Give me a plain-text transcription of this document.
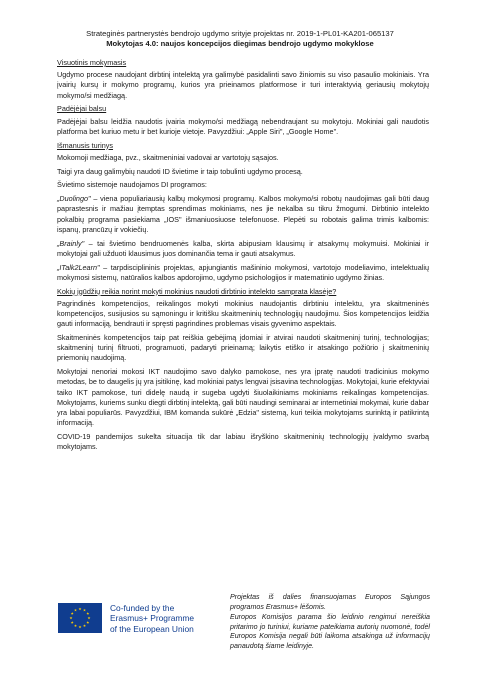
Strateginės partnerystės bendrojo ugdymo srityje projektas nr. 2019-1-PL01-KA201-065137
Mokytojas 4.0: naujos koncepcijos diegimas bendrojo ugdymo mokyklose

Visuotinis mokymasis

Ugdymo procese naudojant dirbtinį intelektą yra galimybė pasidalinti savo žiniomis su viso pasaulio mokiniais. Yra įvairių kursų ir mokymo programų, kurios yra prieinamos platformose ir turi interaktyvią geriausių mokytojų mokymo/si medžiagą.

Padėjėjai balsu

Padėjėjai balsu leidžia naudotis įvairia mokymo/si medžiagą nebendraujant su mokytoju. Mokiniai gali naudotis platforma bet kuriuo metu ir bet kurioje vietoje. Pavyzdžiui: „Apple Siri", „Google Home".

Išmanusis turinys

Mokomoji medžiaga, pvz., skaitmeniniai vadovai ar vartotojų sąsajos.

Taigi yra daug galimybių naudoti ID švietime ir taip tobulinti ugdymo procesą.

Švietimo sistemoje naudojamos DI programos:

„Duolingo" – viena populiariausių kalbų mokymosi programų. Kalbos mokymo/si robotų naudojimas gali būti daug paprastesnis ir mažiau įtemptas sprendimas mokiniams, nes jie nekalba su tikru žmogumi. Dirbtinio intelekto pokalbių programa pasiekiama „IOS" išmaniuosiuose telefonuose. Plepėti su robotais galima trimis kalbomis: ispanų, prancūzų ir vokiečių.

„Brainly" – tai švietimo bendruomenės kalba, skirta abipusiam klausimų ir atsakymų mokymuisi. Mokiniai ir mokytojai gali užduoti klausimus juos dominančia tema ir gauti atsakymus.

„ITalk2Learn" – tarpdisciplininis projektas, apjungiantis mašininio mokymosi, vartotojo modeliavimo, intelektualių mokymosi sistemų, natūralios kalbos apdorojimo, ugdymo psichologijos ir matematinio ugdymo žinias.

Kokių įgūdžių reikia norint mokyti mokinius naudoti dirbtinio intelekto samprata klasėje?

Pagrindinės kompetencijos, reikalingos mokyti mokinius naudojantis dirbtiniu intelektu, yra skaitmeninės kompetencijos, susijusios su sąmoningu ir kritišku skaitmeninių technologijų naudojimu. Šios kompetencijos leidžia gauti informaciją, bendrauti ir spręsti pagrindines problemas visais gyvenimo aspektais.

Skaitmeninės kompetencijos taip pat reiškia gebėjimą įdomiai ir atvirai naudoti skaitmeninį turinį, technologijas; skaitmeninį turinį filtruoti, programuoti, padaryti prieinamą; laikytis etiško ir atsakingo požiūrio į skaitmeninių priemonių naudojimą.

Mokytojai nenoriai mokosi IKT naudojimo savo dalyko pamokose, nes yra įpratę naudoti tradicinius mokymo metodas, be to daugelis jų yra įsitikinę, kad mokiniai patys lengvai įsisavina technologijas. Mokytojai, kurie efektyviai taiko IKT pamokose, turi didelę naudą ir sugeba ugdyti šiuolaikiniams mokiniams reikalingas kompetencijas. Mokytojams, kuriems sunku diegti dirbtinį intelektą, gali būti naudingi seminarai ar internetiniai mokymai, kurie dabar yra labai populiarūs. Pavyzdžiui, IBM komanda sukūrė „Edzia" sistemą, kuri teikia mokytojams surinktą ir patikrintą informaciją.

COVID-19 pandemijos sukelta situacija tik dar labiau išryškino skaitmeninių technologijų įvaldymo svarbą mokytojams.

Co-funded by the
Erasmus+ Programme
of the European Union

Projektas iš dalies finansuojamas Europos Sąjungos programos Erasmus+ lėšomis.

Europos Komisijos parama šio leidinio rengimui nereiškia pritarimo jo turiniui, kuriame pateikiama autorių nuomonė, todėl Europos Komisija negali būti laikoma atsakinga už informacijų panaudotą šiame leidinyje.
